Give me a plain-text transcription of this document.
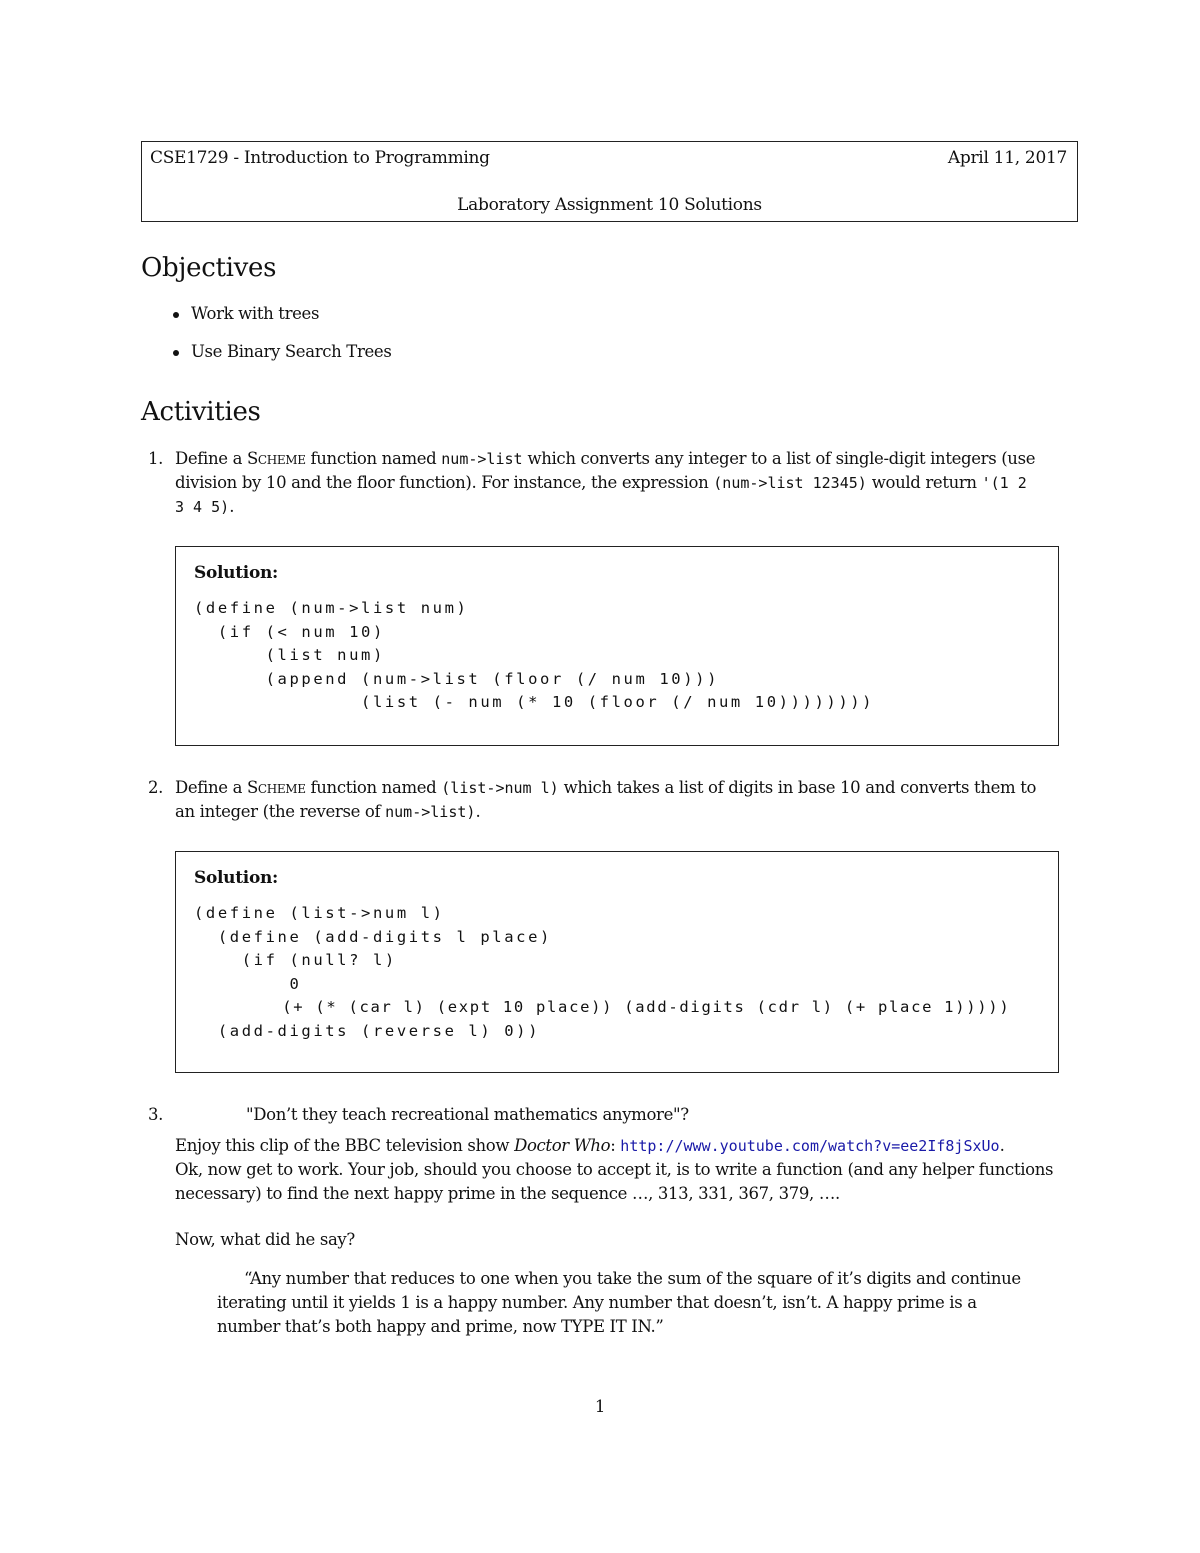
CSE1729 - Introduction to Programming	April 11, 2017
Laboratory Assignment 10 Solutions
Objectives
Work with trees
Use Binary Search Trees
Activities
1. Define a Scheme function named num->list which converts any integer to a list of single-digit integers (use
division by 10 and the floor function). For instance, the expression (num->list 12345) would return '(1 2
3 4 5).
Solution:
(define (num->list num)
(if (< num 10)
(list num)
(append (num->list (floor (/ num 10)))
(list (- num (* 10 (floor (/ num 10))))))))
2. Define a Scheme function named (list->num l) which takes a list of digits in base 10 and converts them to
an integer (the reverse of num->list).
Solution:
(define (list->num l)
(define (add-digits l place)
(if (null? l)
0
(+ (* (car l) (expt 10 place)) (add-digits (cdr l) (+ place 1)))))
(add-digits (reverse l) 0))
3.	"Don’t they teach recreational mathematics anymore"?
Enjoy this clip of the BBC television show Doctor Who: http://www.youtube.com/watch?v=ee2If8jSxUo.
Ok, now get to work. Your job, should you choose to accept it, is to write a function (and any helper functions
necessary) to find the next happy prime in the sequence …, 313, 331, 367, 379, ….
Now, what did he say?
“Any number that reduces to one when you take the sum of the square of it’s digits and continue
iterating until it yields 1 is a happy number. Any number that doesn’t, isn’t. A happy prime is a
number that’s both happy and prime, now TYPE IT IN.”
1
